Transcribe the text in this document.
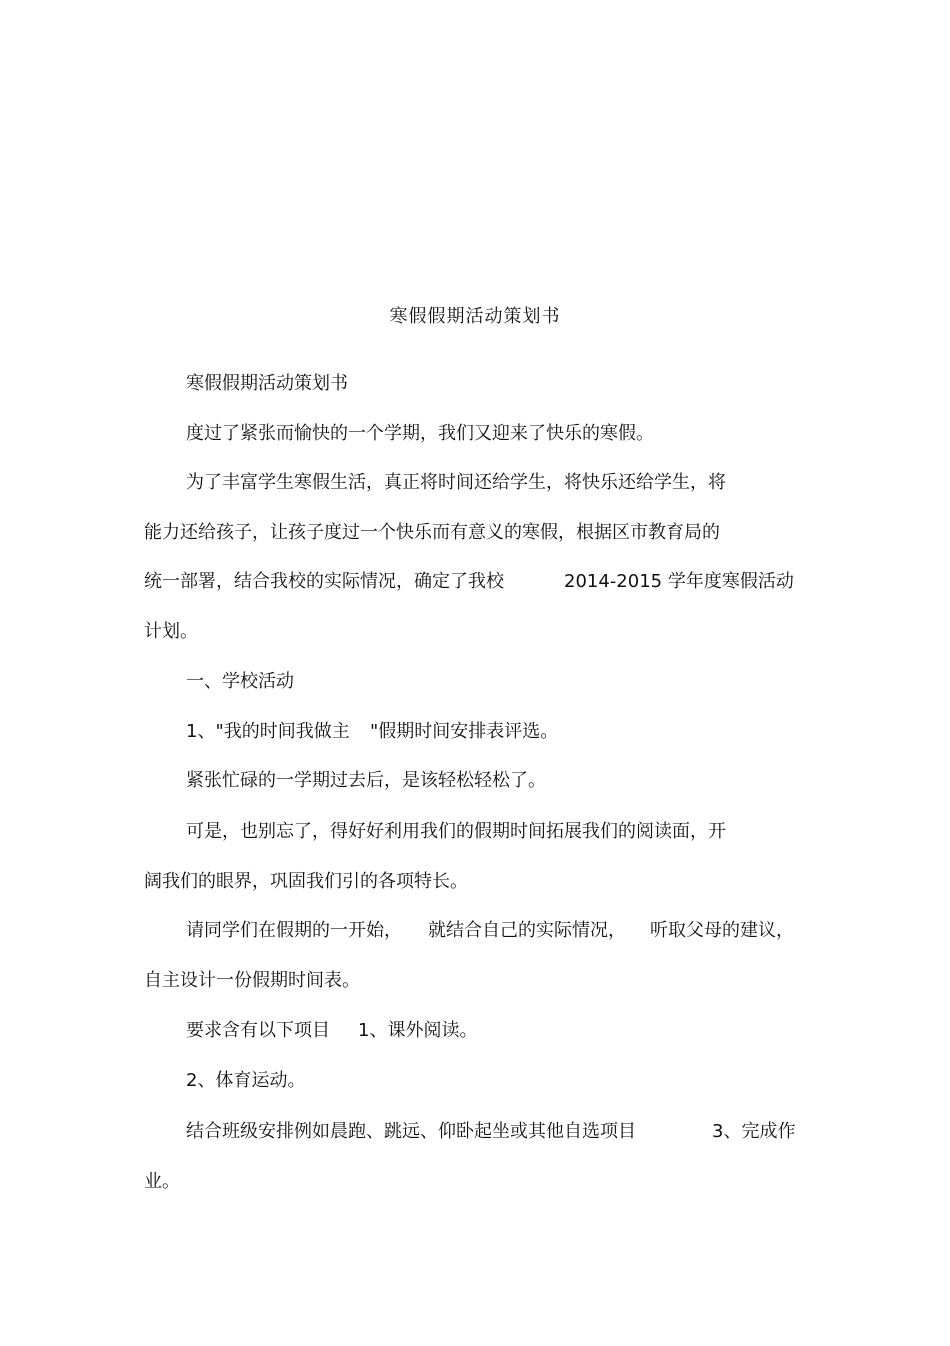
寒假假期活动策划书
寒假假期活动策划书
度过了紧张而愉快的一个学期，我们又迎来了快乐的寒假。
为了丰富学生寒假生活，真正将时间还给学生，将快乐还给学生，将
能力还给孩子，让孩子度过一个快乐而有意义的寒假，根据区市教育局的
统一部署，结合我校的实际情况，确定了我校	2014-2015 学年度寒假活动
计划。
一、学校活动
1、"我的时间我做主 "假期时间安排表评选。
紧张忙碌的一学期过去后，是该轻松轻松了。
可是，也别忘了，得好好利用我们的假期时间拓展我们的阅读面，开
阔我们的眼界，巩固我们引的各项特长。
请同学们在假期的一开始， 就结合自己的实际情况， 听取父母的建议，
自主设计一份假期时间表。
要求含有以下项目 1、课外阅读。
2、体育运动。
结合班级安排例如晨跑、跳远、仰卧起坐或其他自选项目	3、完成作
业。
